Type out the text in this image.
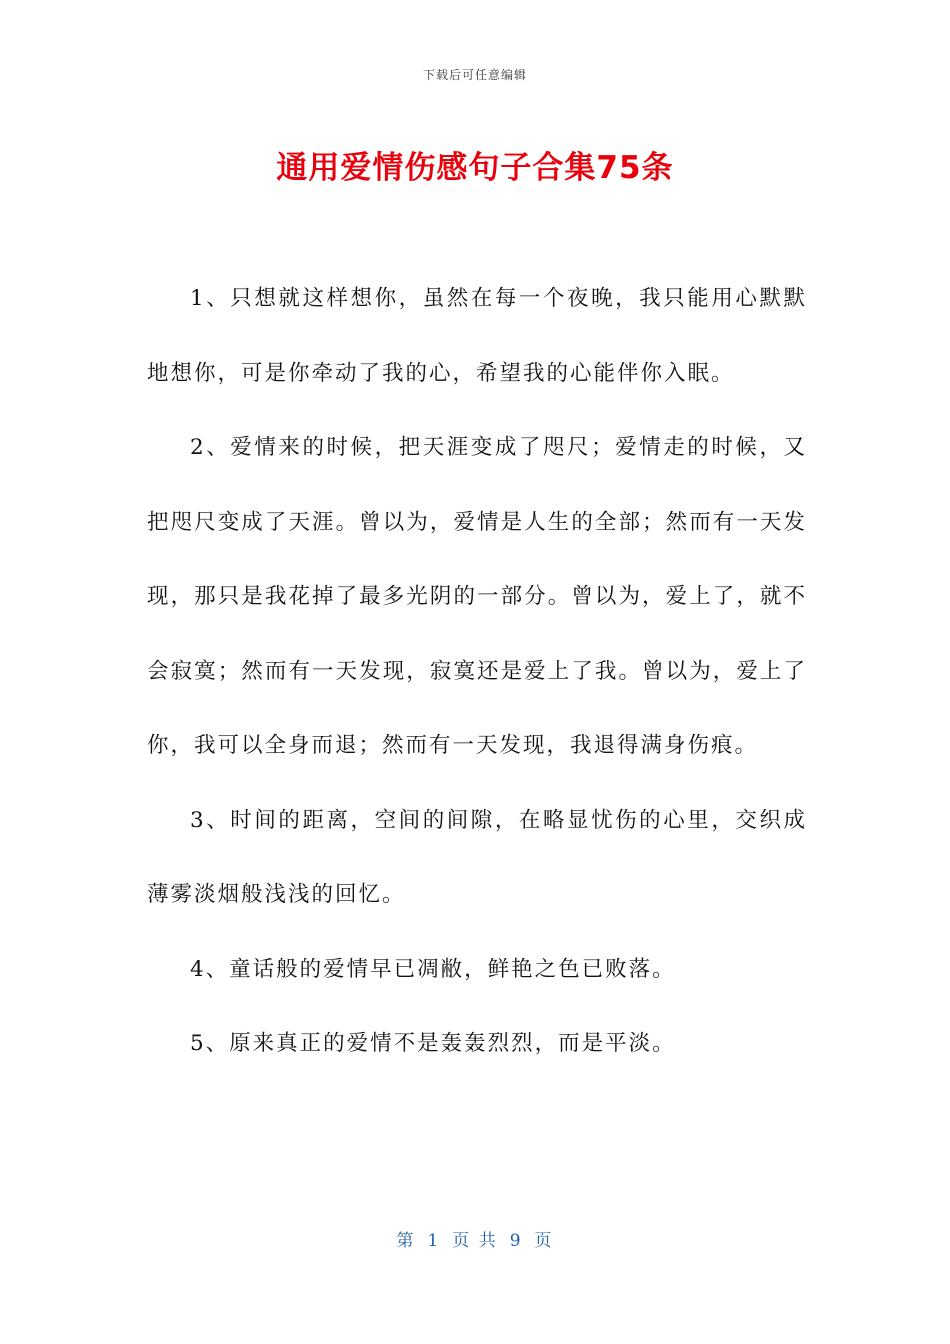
下载后可任意编辑
通用爱情伤感句子合集75条

1、只想就这样想你，虽然在每一个夜晚，我只能用心默默地想你，可是你牵动了我的心，希望我的心能伴你入眠。

2、爱情来的时候，把天涯变成了咫尺；爱情走的时候，又把咫尺变成了天涯。曾以为，爱情是人生的全部；然而有一天发现，那只是我花掉了最多光阴的一部分。曾以为，爱上了，就不会寂寞；然而有一天发现，寂寞还是爱上了我。曾以为，爱上了你，我可以全身而退；然而有一天发现，我退得满身伤痕。

3、时间的距离，空间的间隙，在略显忧伤的心里，交织成薄雾淡烟般浅浅的回忆。

4、童话般的爱情早已凋敝，鲜艳之色已败落。

5、原来真正的爱情不是轰轰烈烈，而是平淡。

第 1 页 共 9 页
